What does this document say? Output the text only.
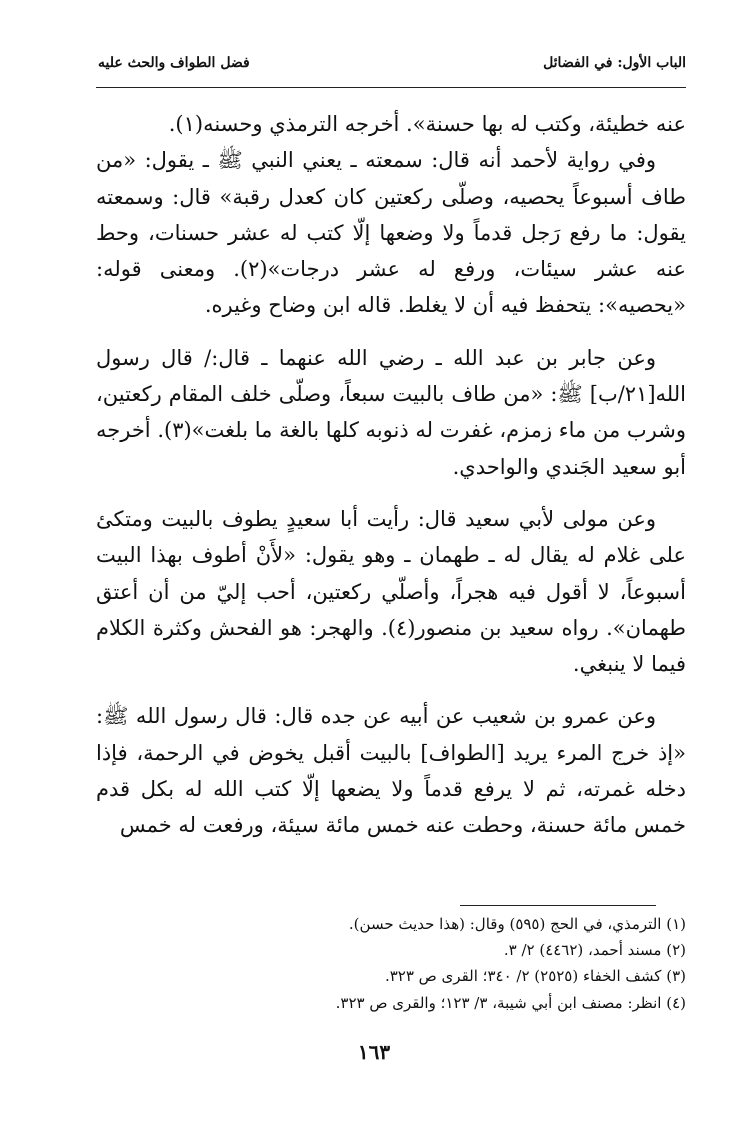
الباب الأول: في الفضائل
فضل الطواف والحث عليه

عنه خطيئة، وكتب له بها حسنة». أخرجه الترمذي وحسنه(١).

وفي رواية لأحمد أنه قال: سمعته ـ يعني النبي ﷺ ـ يقول: «من طاف أسبوعاً يحصيه، وصلّى ركعتين كان كعدل رقبة» قال: وسمعته يقول: ما رفع رَجل قدماً ولا وضعها إلّا كتب له عشر حسنات، وحط عنه عشر سيئات، ورفع له عشر درجات»(٢). ومعنى قوله: «يحصيه»: يتحفظ فيه أن لا يغلط. قاله ابن وضاح وغيره.

وعن جابر بن عبد الله ـ رضي الله عنهما ـ قال:/ قال رسول الله[٢١/ب] ﷺ: «من طاف بالبيت سبعاً، وصلّى خلف المقام ركعتين، وشرب من ماء زمزم، غفرت له ذنوبه كلها بالغة ما بلغت»(٣). أخرجه أبو سعيد الجَندي والواحدي.

وعن مولى لأبي سعيد قال: رأيت أبا سعيدٍ يطوف بالبيت ومتكئ على غلام له يقال له ـ طهمان ـ وهو يقول: «لأَنْ أطوف بهذا البيت أسبوعاً، لا أقول فيه هجراً، وأصلّي ركعتين، أحب إليّ من أن أعتق طهمان». رواه سعيد بن منصور(٤). والهجر: هو الفحش وكثرة الكلام فيما لا ينبغي.

وعن عمرو بن شعيب عن أبيه عن جده قال: قال رسول الله ﷺ: «إذ خرج المرء يريد [الطواف] بالبيت أقبل يخوض في الرحمة، فإذا دخله غمرته، ثم لا يرفع قدماً ولا يضعها إلّا كتب الله له بكل قدم خمس مائة حسنة، وحطت عنه خمس مائة سيئة، ورفعت له خمس

(١) الترمذي، في الحج (٥٩٥) وقال: (هذا حديث حسن).

(٢) مسند أحمد، (٤٤٦٢) ٢/ ٣.

(٣) كشف الخفاء (٢٥٢٥) ٢/ ٣٤٠؛ القرى ص ٣٢٣.

(٤) انظر: مصنف ابن أبي شيبة، ٣/ ١٢٣؛ والقرى ص ٣٢٣.

١٦٣
